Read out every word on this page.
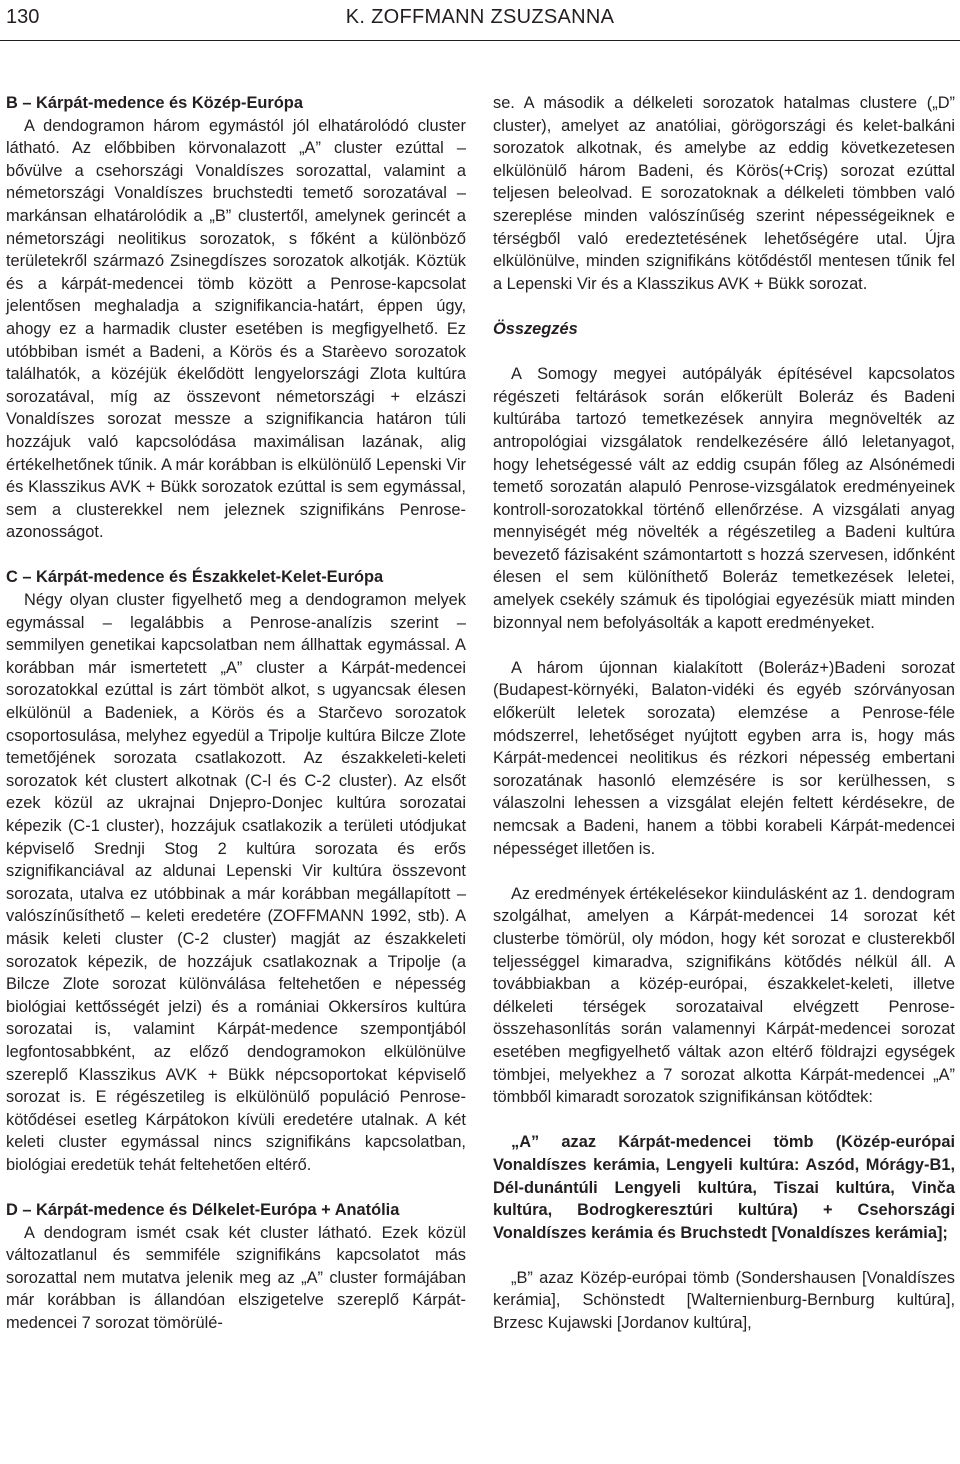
130	K. ZOFFMANN ZSUZSANNA
B – Kárpát-medence és Közép-Európa

A dendogramon három egymástól jól elhatárolódó cluster látható. Az előbbiben körvonalazott „A” cluster ezúttal – bővülve a csehországi Vonaldíszes sorozattal, valamint a németországi Vonaldíszes bruchstedti temető sorozatával – markánsan elhatárolódik a „B” clustertől, amelynek gerincét a németországi neolitikus sorozatok, s főként a különböző területekről származó Zsinegdíszes sorozatok alkotják. Köztük és a kárpát-medencei tömb között a Penrose-kapcsolat jelentősen meghaladja a szignifikancia-határt, éppen úgy, ahogy ez a harmadik cluster esetében is megfigyelhető. Ez utóbbiban ismét a Badeni, a Körös és a Starèevo sorozatok találhatók, a közéjük ékelődött lengyelországi Zlota kultúra sorozatával, míg az összevont németországi + elzászi Vonaldíszes sorozat messze a szignifikancia határon túli hozzájuk való kapcsolódása maximálisan lazának, alig értékelhetőnek tűnik. A már korábban is elkülönülő Lepenski Vir és Klasszikus AVK + Bükk sorozatok ezúttal is sem egymással, sem a clusterekkel nem jeleznek szignifikáns Penrose-azonosságot.

C – Kárpát-medence és Északkelet-Kelet-Európa

Négy olyan cluster figyelhető meg a dendogramon melyek egymással – legalábbis a Penrose-analízis szerint – semmilyen genetikai kapcsolatban nem állhattak egymással. A korábban már ismertetett „A” cluster a Kárpát-medencei sorozatokkal ezúttal is zárt tömböt alkot, s ugyancsak élesen elkülönül a Badeniek, a Körös és a Starčevo sorozatok csoportosulása, melyhez egyedül a Tripolje kultúra Bilcze Zlote temetőjének sorozata csatlakozott. Az északkeleti-keleti sorozatok két clustert alkotnak (C-l és C-2 cluster). Az elsőt ezek közül az ukrajnai Dnjepro-Donjec kultúra sorozatai képezik (C-1 cluster), hozzájuk csatlakozik a területi utódjukat képviselő Srednji Stog 2 kultúra sorozata és erős szignifikanciával az aldunai Lepenski Vir kultúra összevont sorozata, utalva ez utóbbinak a már korábban megállapított – valószínűsíthető – keleti eredetére (ZOFFMANN 1992, stb). A másik keleti cluster (C-2 cluster) magját az északkeleti sorozatok képezik, de hozzájuk csatlakoznak a Tripolje (a Bilcze Zlote sorozat különválása feltehetően e népesség biológiai kettősségét jelzi) és a romániai Okkersíros kultúra sorozatai is, valamint Kárpát-medence szempontjából legfontosabbként, az előző dendogramokon elkülönülve szereplő Klasszikus AVK + Bükk népcsoportokat képviselő sorozat is. E régészetileg is elkülönülő populáció Penrose-kötődései esetleg Kárpátokon kívüli eredetére utalnak. A két keleti cluster egymással nincs szignifikáns kapcsolatban, biológiai eredetük tehát feltehetően eltérő.

D – Kárpát-medence és Délkelet-Európa + Anatólia

A dendogram ismét csak két cluster látható. Ezek közül változatlanul és semmiféle szignifikáns kapcsolatot más sorozattal nem mutatva jelenik meg az „A” cluster formájában már korábban is állandóan elszigetelve szereplő Kárpát-medencei 7 sorozat tömörülé-

se. A második a délkeleti sorozatok hatalmas clustere („D” cluster), amelyet az anatóliai, görögországi és kelet-balkáni sorozatok alkotnak, és amelybe az eddig következetesen elkülönülő három Badeni, és Körös(+Criş) sorozat ezúttal teljesen beleolvad. E sorozatoknak a délkeleti tömbben való szereplése minden valószínűség szerint népességeiknek e térségből való eredeztetésének lehetőségére utal. Újra elkülönülve, minden szignifikáns kötődéstől mentesen tűnik fel a Lepenski Vir és a Klasszikus AVK + Bükk sorozat.

Összegzés

A Somogy megyei autópályák építésével kapcsolatos régészeti feltárások során előkerült Boleráz és Badeni kultúrába tartozó temetkezések annyira megnövelték az antropológiai vizsgálatok rendelkezésére álló leletanyagot, hogy lehetségessé vált az eddig csupán főleg az Alsónémedi temető sorozatán alapuló Penrose-vizsgálatok eredményeinek kontroll-sorozatokkal történő ellenőrzése. A vizsgálati anyag mennyiségét még növelték a régészetileg a Badeni kultúra bevezető fázisaként számontartott s hozzá szervesen, időnként élesen el sem különíthető Boleráz temetkezések leletei, amelyek csekély számuk és tipológiai egyezésük miatt minden bizonnyal nem befolyásolták a kapott eredményeket.

A három újonnan kialakított (Boleráz+)Badeni sorozat (Budapest-környéki, Balaton-vidéki és egyéb szórványosan előkerült leletek sorozata) elemzése a Penrose-féle módszerrel, lehetőséget nyújtott egyben arra is, hogy más Kárpát-medencei neolitikus és rézkori népesség embertani sorozatának hasonló elemzésére is sor kerülhessen, s válaszolni lehessen a vizsgálat elején feltett kérdésekre, de nemcsak a Badeni, hanem a többi korabeli Kárpát-medencei népességet illetően is.

Az eredmények értékelésekor kiindulásként az 1. dendogram szolgálhat, amelyen a Kárpát-medencei 14 sorozat két clusterbe tömörül, oly módon, hogy két sorozat e clusterekből teljességgel kimaradva, szignifikáns kötődés nélkül áll. A továbbiakban a közép-európai, északkelet-keleti, illetve délkeleti térségek sorozataival elvégzett Penrose-összehasonlítás során valamennyi Kárpát-medencei sorozat esetében megfigyelhető váltak azon eltérő földrajzi egységek tömbjei, melyekhez a 7 sorozat alkotta Kárpát-medencei „A” tömbből kimaradt sorozatok szignifikánsan kötődtek:

„A” azaz Kárpát-medencei tömb (Közép-európai Vonaldíszes kerámia, Lengyeli kultúra: Aszód, Mórágy-B1, Dél-dunántúli Lengyeli kultúra, Tiszai kultúra, Vinča kultúra, Bodrogkeresztúri kultúra) + Csehországi Vonaldíszes kerámia és Bruchstedt [Vonaldíszes kerámia];

„B” azaz Közép-európai tömb (Sondershausen [Vonaldíszes kerámia], Schönstedt [Walternienburg-Bernburg kultúra], Brzesc Kujawski [Jordanov kultúra],
